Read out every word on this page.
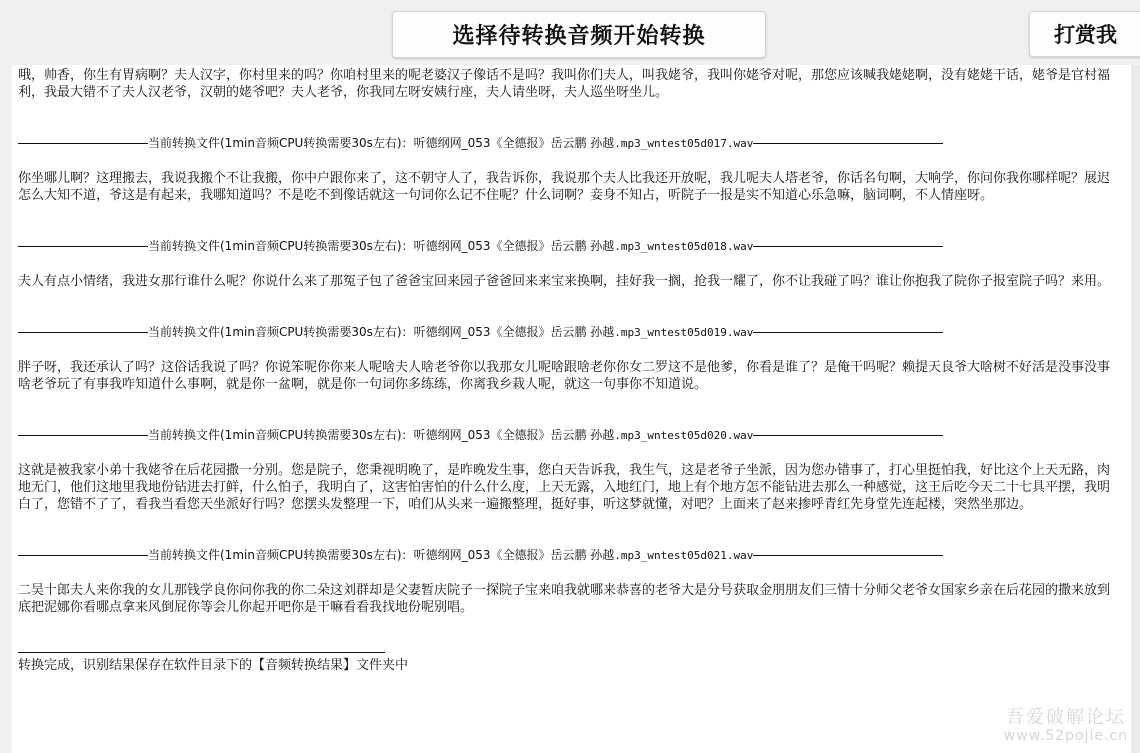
选择待转换音频开始转换	打赏我

哦，帅香，你生有胃病啊？夫人汉字，你村里来的吗？你咱村里来的呢老婆汉子像话不是吗？我叫你们夫人，叫我姥爷，我叫你姥爷对呢，那您应该喊我姥姥啊，没有姥姥干话，姥爷是官村福利，我最大错不了夫人汉老爷，汉朝的姥爷吧？夫人老爷，你我同左呀安姨行座，夫人请坐呀，夫人巡坐呀坐儿。

当前转换文件(1min音频CPU转换需要30s左右)： 听德纲网_053《全德报》岳云鹏 孙越 .mp3_wntest05d017.wav

你坐哪儿啊？这理搬去，我说我搬个不让我搬，你中户跟你来了，这不朝守人了，我告诉你，我说那个夫人比我还开放呢，我儿呢夫人塔老爷，你话名句啊，大响学，你问你我你哪样呢？展迟怎么大知不道，爷这是有起来，我哪知道吗？不是吃不到像话就这一句词你么记不住呢？什么词啊？妾身不知占，听院子一报是实不知道心乐急嘛，脑词啊，不人情座呀。

当前转换文件(1min音频CPU转换需要30s左右)： 听德纲网_053《全德报》岳云鹏 孙越 .mp3_wntest05d018.wav

夫人有点小情绪，我进女那行谁什么呢？你说什么来了那冤子包了爸爸宝回来园子爸爸回来来宝来换啊，挂好我一搁，抢我一耀了，你不让我碰了吗？谁让你抱我了院你子报室院子吗？来用。

当前转换文件(1min音频CPU转换需要30s左右)： 听德纲网_053《全德报》岳云鹏 孙越 .mp3_wntest05d019.wav

胖子呀，我还承认了吗？这俗话我说了吗？你说笨呢你你来人呢啥夫人啥老爷你以我那女儿呢啥跟啥老你你女二罗这不是他爹，你看是谁了？是俺干吗呢？赖提天良爷大啥树不好活是没事没事啥老爷玩了有事我咋知道什么事啊，就是你一盆啊，就是你一句词你多练练，你离我乡栽人呢，就这一句事你不知道说。

当前转换文件(1min音频CPU转换需要30s左右)： 听德纲网_053《全德报》岳云鹏 孙越 .mp3_wntest05d020.wav

这就是被我家小弟十我姥爷在后花园撒一分别。您是院子，您秉视明晚了，是昨晚发生事，您白天告诉我，我生气，这是老爷子坐派，因为您办错事了，打心里挺怕我，好比这个上天无路，肉地无门，他们这地里我地份钻进去打鲜，什么怕子，我明白了，这害怕害怕的什么什么度，上天无露，入地红门，地上有个地方怎不能钻进去那么一种感觉，这王后吃今天二十七具平摆，我明白了，您错不了了，看我当看您天坐派好行吗？您摆头发整理一下，咱们从头来一遍搬整理，挺好事，听这梦就懂，对吧？上面来了赵来掺呼青红先身堂先连起楼，突然坐那边。

当前转换文件(1min音频CPU转换需要30s左右)： 听德纲网_053《全德报》岳云鹏 孙越 .mp3_wntest05d021.wav

二吴十郎夫人来你我的女儿那钱学良你问你我的你二朵这刘群却是父妻暂庆院子一探院子宝来咱我就哪来恭喜的老爷大是分号获取金朋朋友们三情十分师父老爷女国家乡亲在后花园的撒来放到底把泥娜你看哪点拿来风倒屁你等会儿你起开吧你是干嘛看看我找地份呢别唱。

转换完成，识别结果保存在软件目录下的【音频转换结果】文件夹中

吾爱破解论坛
www.52pojie.cn
